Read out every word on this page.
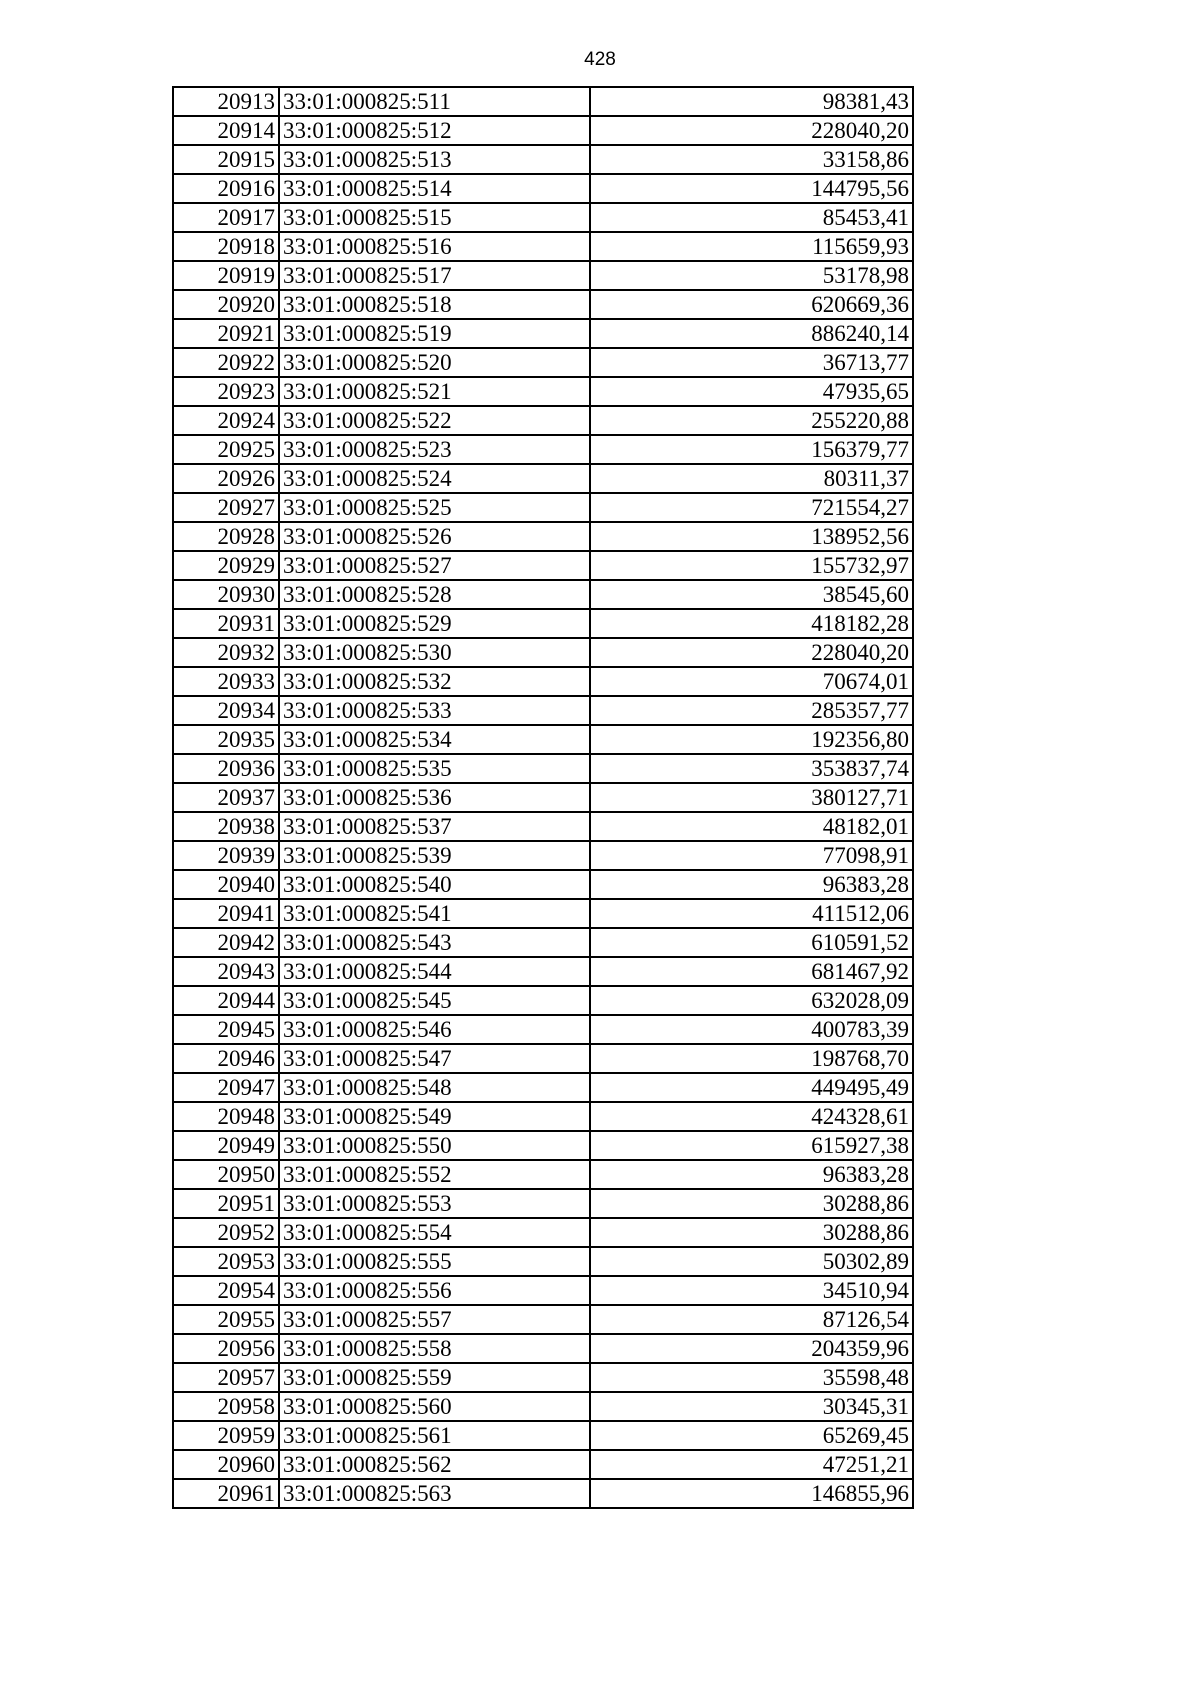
428
20913	33:01:000825:511	98381,43
20914	33:01:000825:512	228040,20
20915	33:01:000825:513	33158,86
20916	33:01:000825:514	144795,56
20917	33:01:000825:515	85453,41
20918	33:01:000825:516	115659,93
20919	33:01:000825:517	53178,98
20920	33:01:000825:518	620669,36
20921	33:01:000825:519	886240,14
20922	33:01:000825:520	36713,77
20923	33:01:000825:521	47935,65
20924	33:01:000825:522	255220,88
20925	33:01:000825:523	156379,77
20926	33:01:000825:524	80311,37
20927	33:01:000825:525	721554,27
20928	33:01:000825:526	138952,56
20929	33:01:000825:527	155732,97
20930	33:01:000825:528	38545,60
20931	33:01:000825:529	418182,28
20932	33:01:000825:530	228040,20
20933	33:01:000825:532	70674,01
20934	33:01:000825:533	285357,77
20935	33:01:000825:534	192356,80
20936	33:01:000825:535	353837,74
20937	33:01:000825:536	380127,71
20938	33:01:000825:537	48182,01
20939	33:01:000825:539	77098,91
20940	33:01:000825:540	96383,28
20941	33:01:000825:541	411512,06
20942	33:01:000825:543	610591,52
20943	33:01:000825:544	681467,92
20944	33:01:000825:545	632028,09
20945	33:01:000825:546	400783,39
20946	33:01:000825:547	198768,70
20947	33:01:000825:548	449495,49
20948	33:01:000825:549	424328,61
20949	33:01:000825:550	615927,38
20950	33:01:000825:552	96383,28
20951	33:01:000825:553	30288,86
20952	33:01:000825:554	30288,86
20953	33:01:000825:555	50302,89
20954	33:01:000825:556	34510,94
20955	33:01:000825:557	87126,54
20956	33:01:000825:558	204359,96
20957	33:01:000825:559	35598,48
20958	33:01:000825:560	30345,31
20959	33:01:000825:561	65269,45
20960	33:01:000825:562	47251,21
20961	33:01:000825:563	146855,96
